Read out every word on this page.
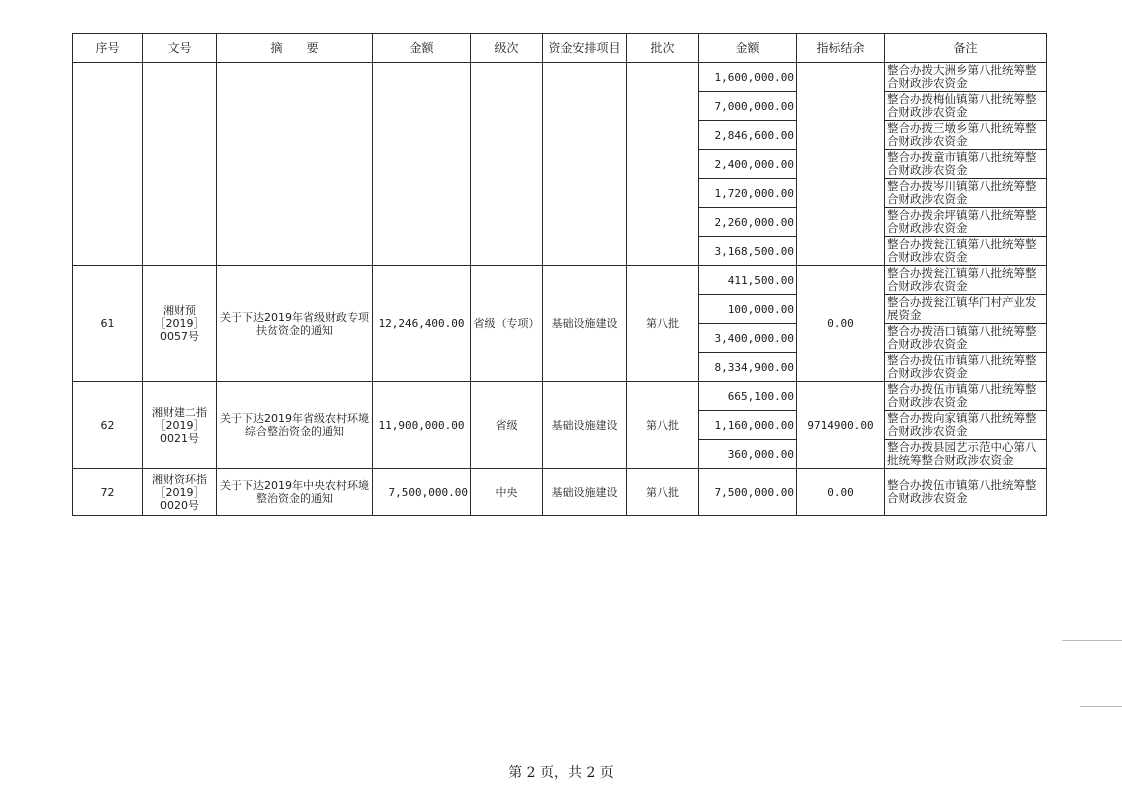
序号	文号	摘　　要	金额	级次	资金安排项目	批次	金额	指标结余	备注
							1,600,000.00		整合办拨大洲乡第八批统筹整合财政涉农资金
							7,000,000.00		整合办拨梅仙镇第八批统筹整合财政涉农资金
							2,846,600.00		整合办拨三墩乡第八批统筹整合财政涉农资金
							2,400,000.00		整合办拨童市镇第八批统筹整合财政涉农资金
							1,720,000.00		整合办拨岑川镇第八批统筹整合财政涉农资金
							2,260,000.00		整合办拨余坪镇第八批统筹整合财政涉农资金
							3,168,500.00		整合办拨瓮江镇第八批统筹整合财政涉农资金
61	湘财预［2019］0057号	关于下达2019年省级财政专项扶贫资金的通知	12,246,400.00	省级（专项）	基础设施建设	第八批	411,500.00	0.00	整合办拨瓮江镇第八批统筹整合财政涉农资金
							100,000.00		整合办拨瓮江镇华门村产业发展资金
							3,400,000.00		整合办拨浯口镇第八批统筹整合财政涉农资金
							8,334,900.00		整合办拨伍市镇第八批统筹整合财政涉农资金
62	湘财建二指［2019］0021号	关于下达2019年省级农村环境综合整治资金的通知	11,900,000.00	省级	基础设施建设	第八批	665,100.00	9714900.00	整合办拨伍市镇第八批统筹整合财政涉农资金
							1,160,000.00		整合办拨向家镇第八批统筹整合财政涉农资金
							360,000.00		整合办拨县园艺示范中心第八批统筹整合财政涉农资金
72	湘财资环指［2019］0020号	关于下达2019年中央农村环境整治资金的通知	7,500,000.00	中央	基础设施建设	第八批	7,500,000.00	0.00	整合办拨伍市镇第八批统筹整合财政涉农资金
第 2 页，共 2 页
